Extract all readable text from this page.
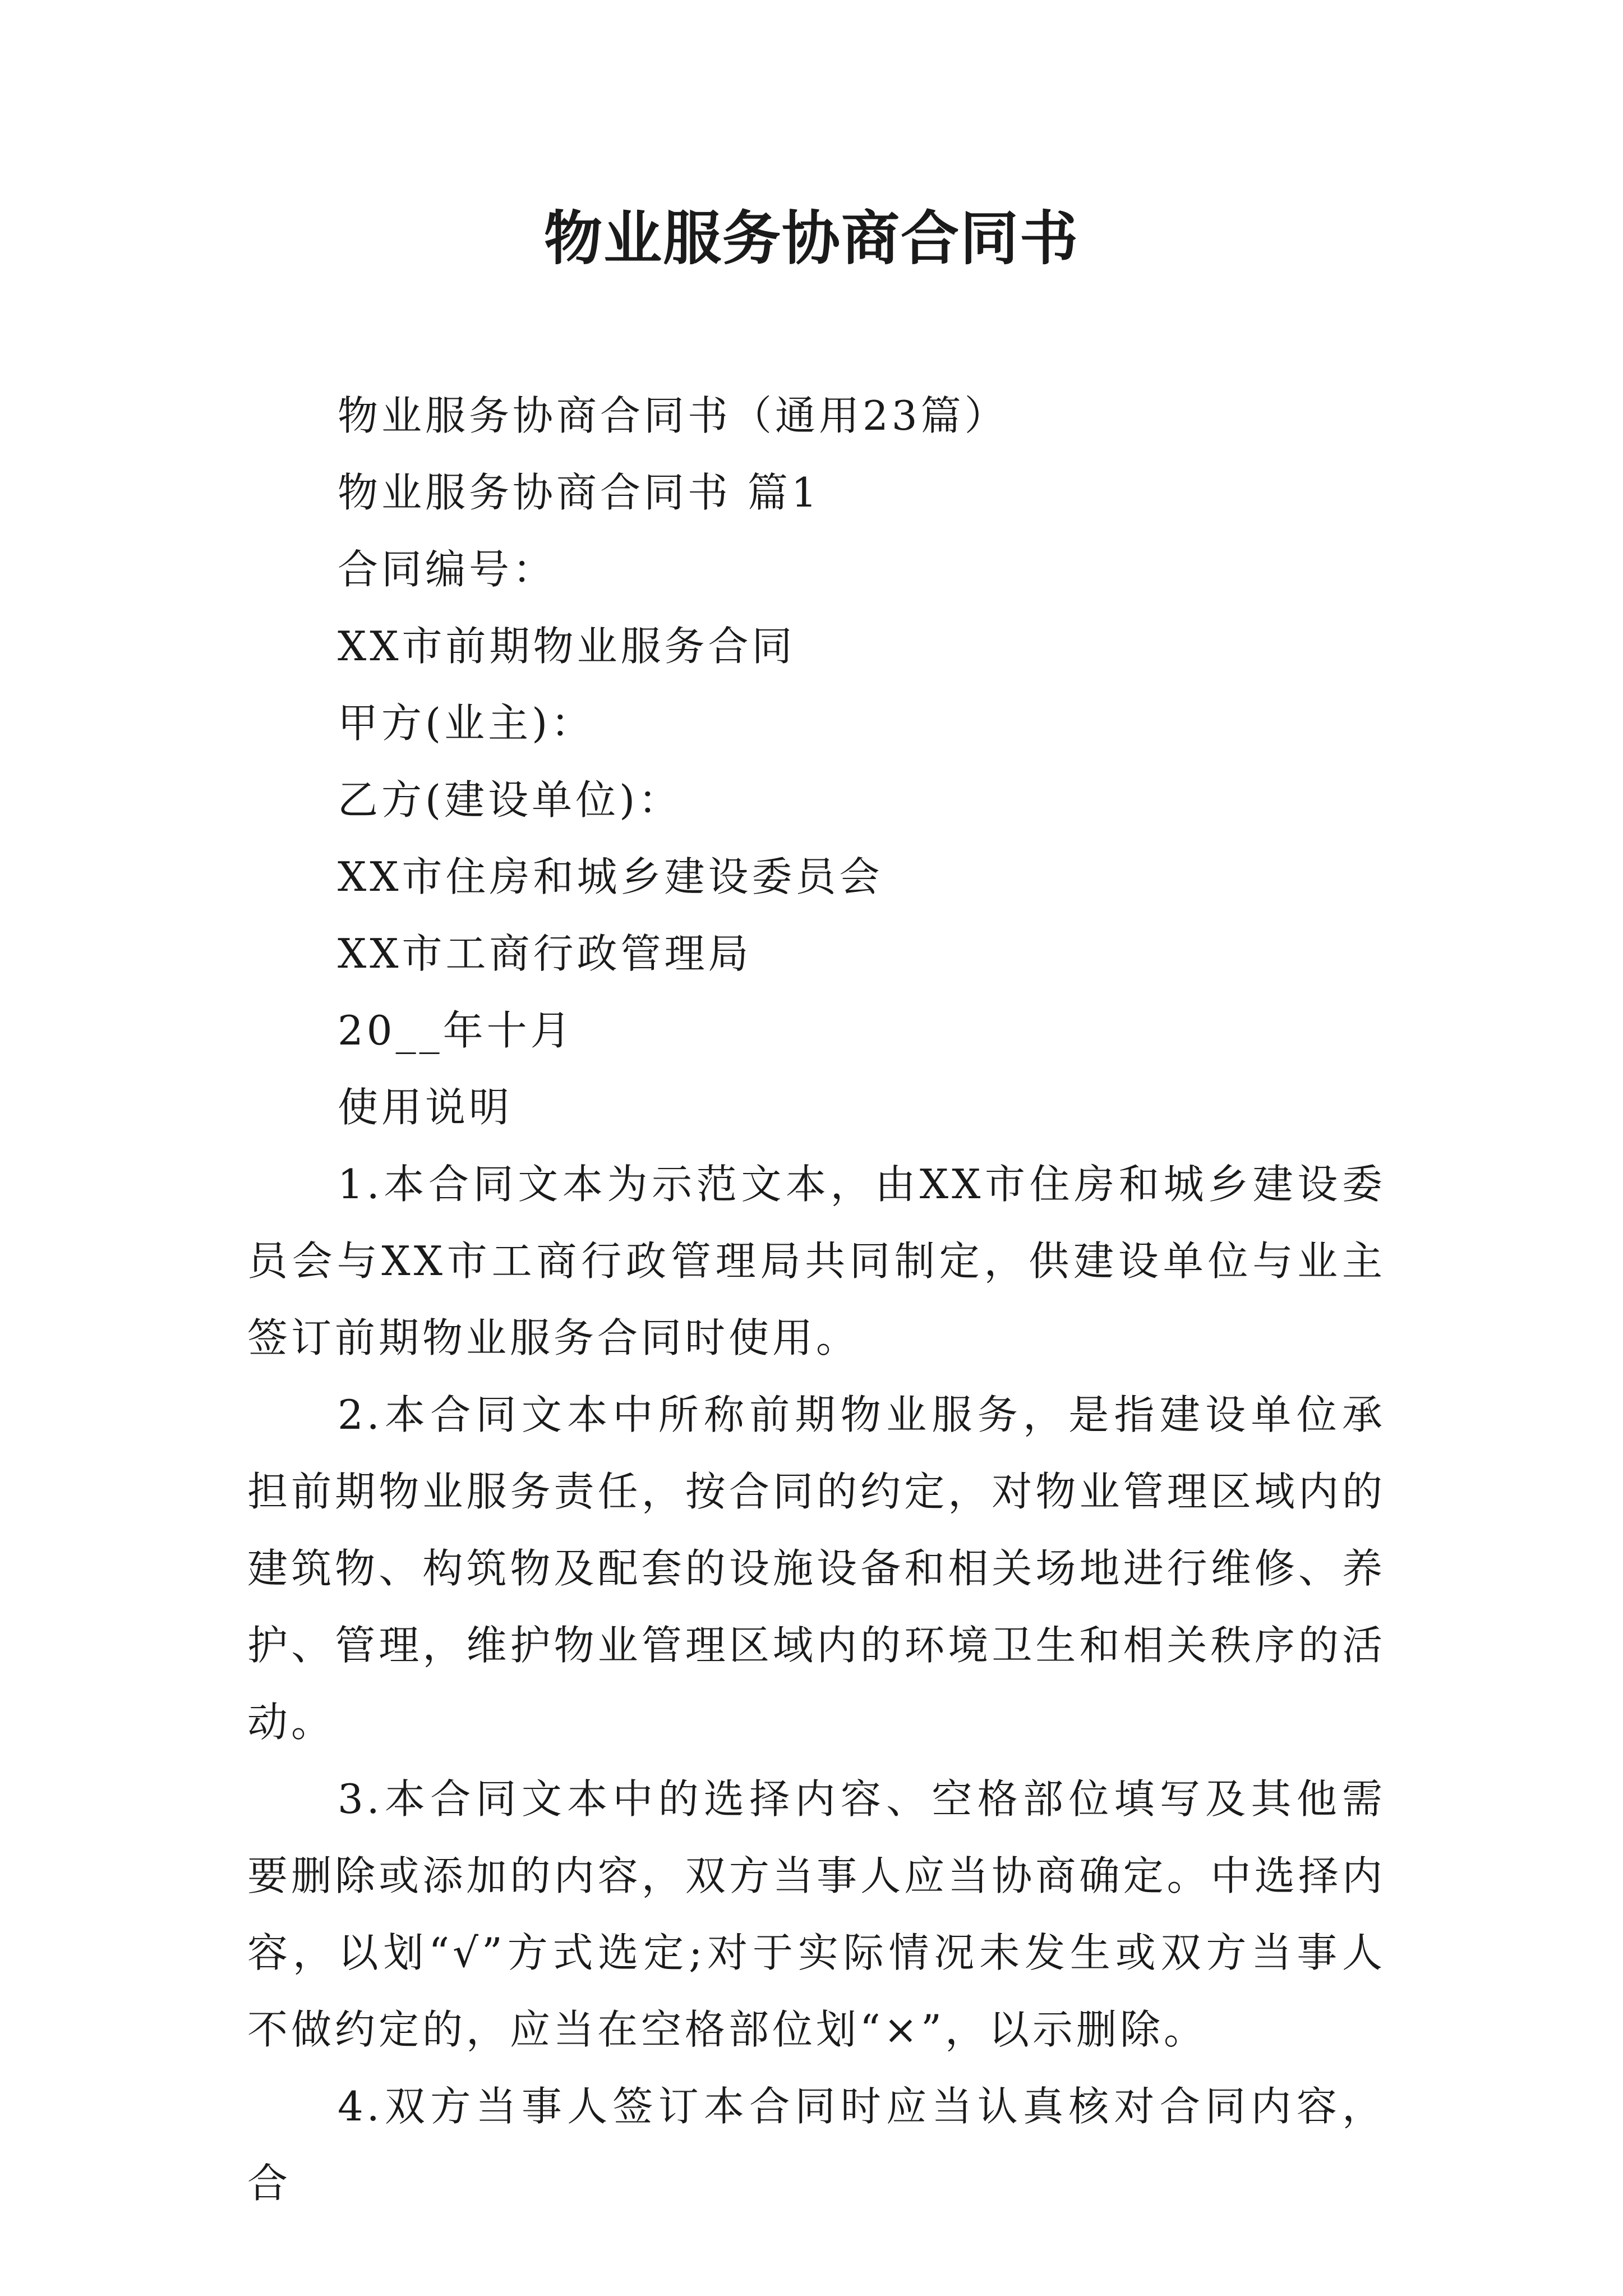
物业服务协商合同书
物业服务协商合同书（通用23篇）
物业服务协商合同书 篇1
合同编号：
XX市前期物业服务合同
甲方(业主)：
乙方(建设单位)：
XX市住房和城乡建设委员会
XX市工商行政管理局
20__年十月
使用说明
1.本合同文本为示范文本，由XX市住房和城乡建设委员会与XX市工商行政管理局共同制定，供建设单位与业主签订前期物业服务合同时使用。
2.本合同文本中所称前期物业服务，是指建设单位承担前期物业服务责任，按合同的约定，对物业管理区域内的建筑物、构筑物及配套的设施设备和相关场地进行维修、养护、管理，维护物业管理区域内的环境卫生和相关秩序的活动。
3.本合同文本中的选择内容、空格部位填写及其他需要删除或添加的内容，双方当事人应当协商确定。中选择内容，以划“√”方式选定;对于实际情况未发生或双方当事人不做约定的，应当在空格部位划“×”，以示删除。
4.双方当事人签订本合同时应当认真核对合同内容，合
